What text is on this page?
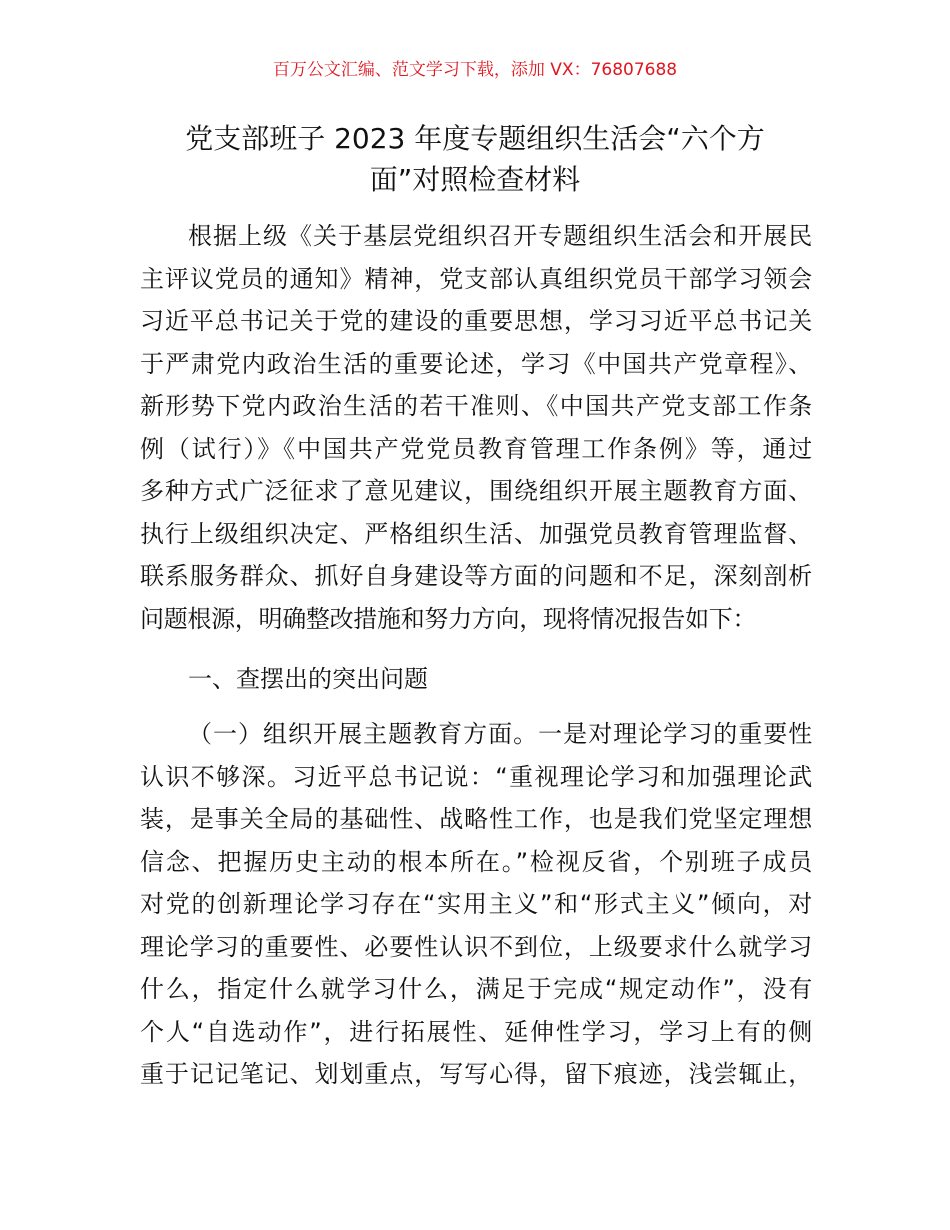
百万公文汇编、范文学习下载，添加 VX：76807688
党支部班子 2023 年度专题组织生活会“六个方
面”对照检查材料
根据上级《关于基层党组织召开专题组织生活会和开展民
主评议党员的通知》精神，党支部认真组织党员干部学习领会
习近平总书记关于党的建设的重要思想，学习习近平总书记关
于严肃党内政治生活的重要论述，学习《中国共产党章程》、
新形势下党内政治生活的若干准则、《中国共产党支部工作条
例（试行）》《中国共产党党员教育管理工作条例》等，通过
多种方式广泛征求了意见建议，围绕组织开展主题教育方面、
执行上级组织决定、严格组织生活、加强党员教育管理监督、
联系服务群众、抓好自身建设等方面的问题和不足，深刻剖析
问题根源，明确整改措施和努力方向，现将情况报告如下：
一、查摆出的突出问题
（一）组织开展主题教育方面。一是对理论学习的重要性
认识不够深。习近平总书记说：“重视理论学习和加强理论武
装，是事关全局的基础性、战略性工作，也是我们党坚定理想
信念、把握历史主动的根本所在。”检视反省，个别班子成员
对党的创新理论学习存在“实用主义”和“形式主义”倾向，对
理论学习的重要性、必要性认识不到位，上级要求什么就学习
什么，指定什么就学习什么，满足于完成“规定动作”，没有
个人“自选动作”，进行拓展性、延伸性学习，学习上有的侧
重于记记笔记、划划重点，写写心得，留下痕迹，浅尝辄止，
